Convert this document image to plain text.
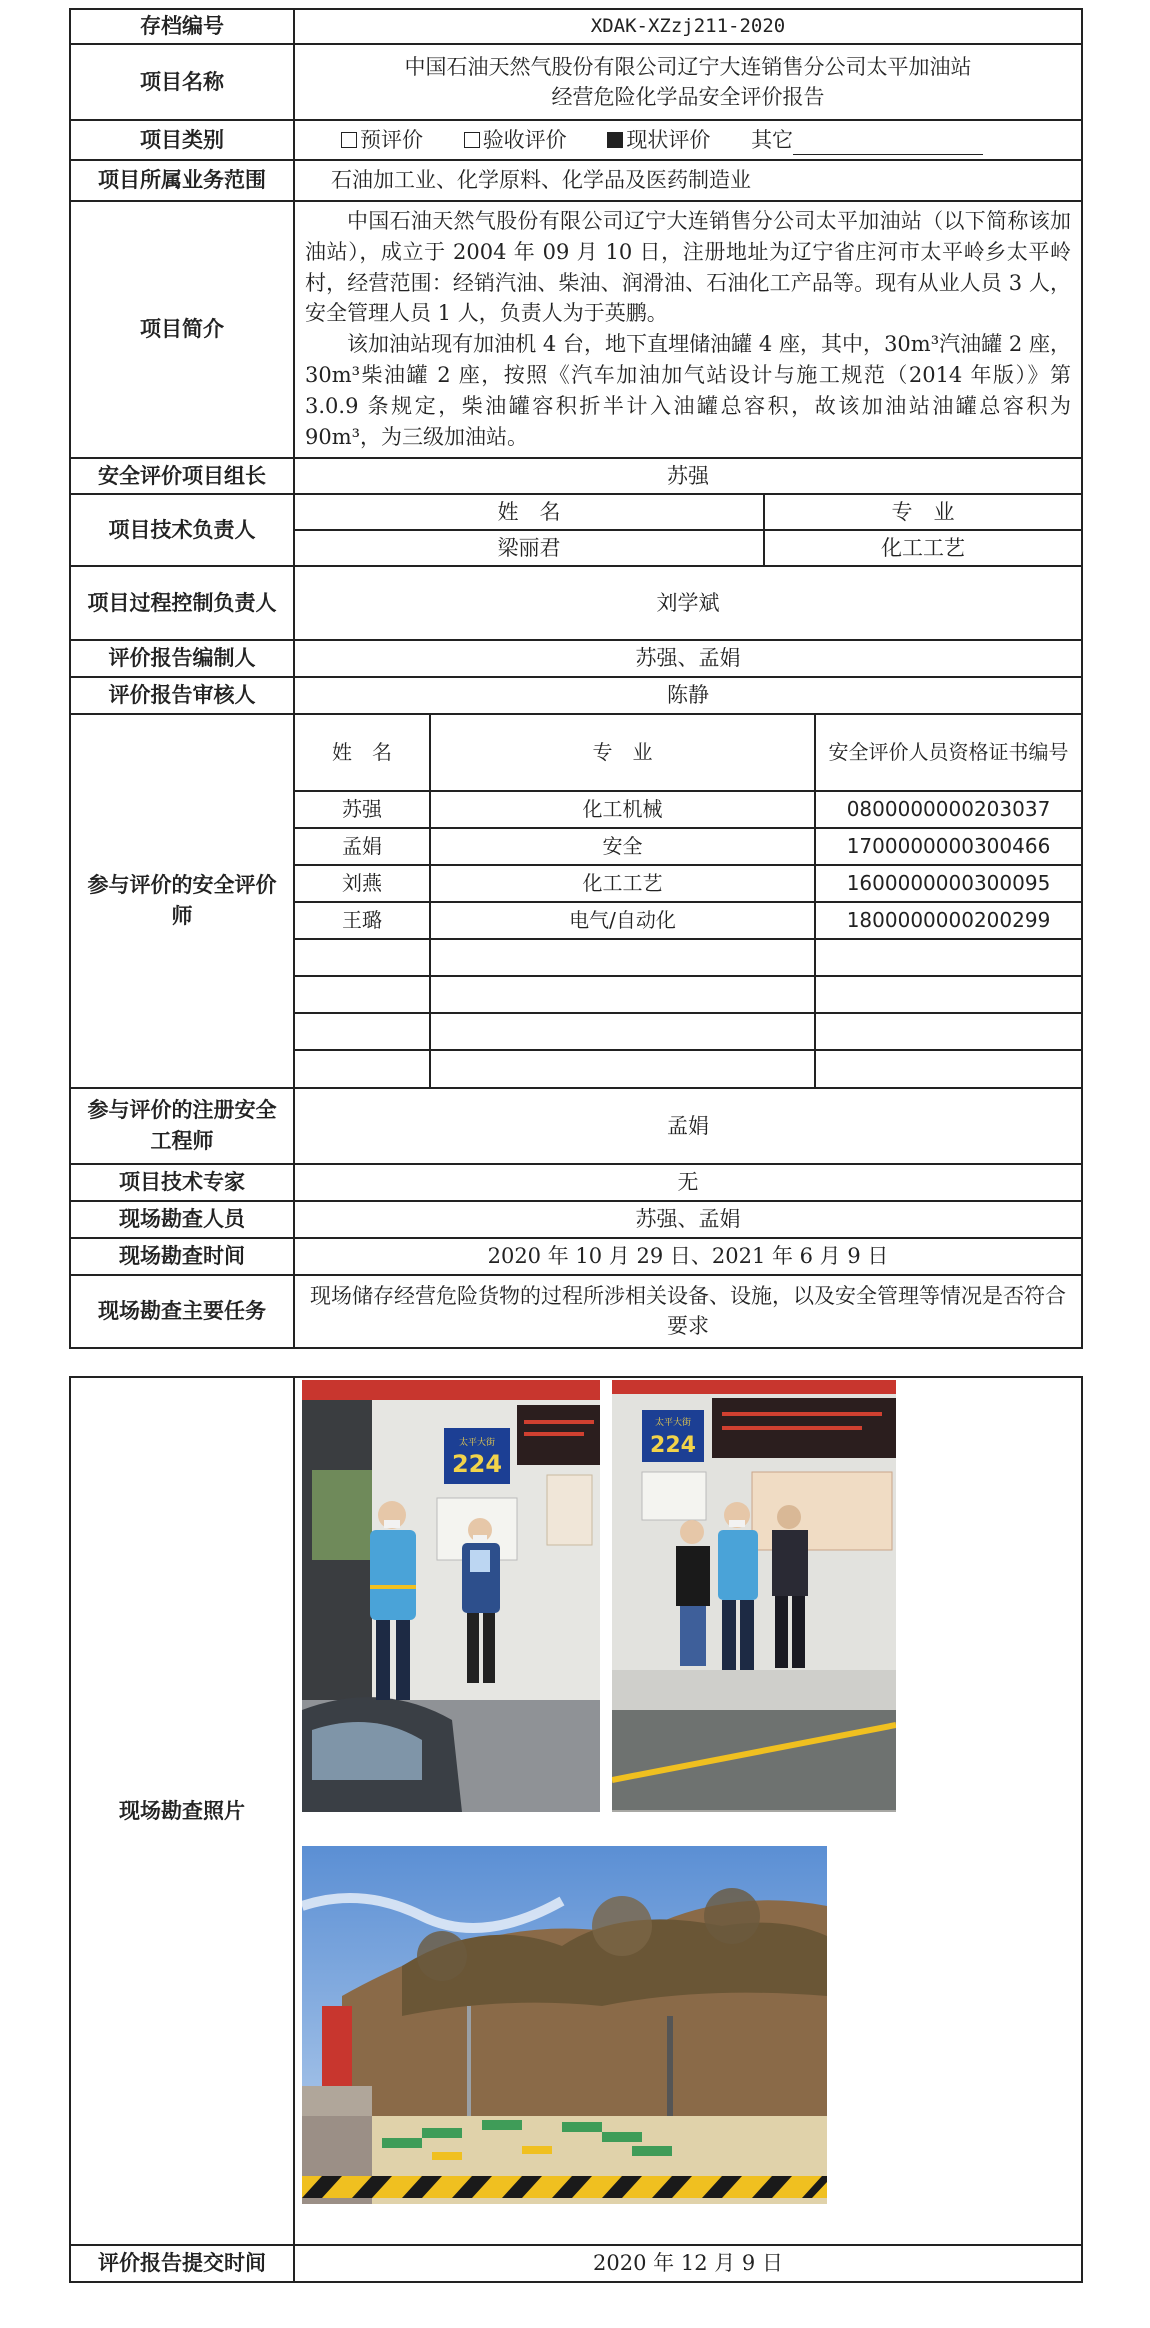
存档编号	XDAK-XZzj211-2020
项目名称	
中国石油天然气股份有限公司辽宁大连销售分公司太平加油站
经营危险化学品安全评价报告

项目类别	预评价	验收评价	现状评价 其它
项目所属业务范围	石油加工业、化学原料、化学品及医药制造业
项目简介	

中国石油天然气股份有限公司辽宁大连销售分公司太平加油站（以下简称该加油站），成立于 2004 年 09 月 10 日，注册地址为辽宁省庄河市太平岭乡太平岭村，经营范围：经销汽油、柴油、润滑油、石油化工产品等。现有从业人员 3 人，安全管理人员 1 人，负责人为于英鹏。

该加油站现有加油机 4 台，地下直埋储油罐 4 座，其中，30m³汽油罐 2 座，30m³柴油罐 2 座，按照《汽车加油加气站设计与施工规范（2014 年版）》第 3.0.9 条规定，柴油罐容积折半计入油罐总容积，故该加油站油罐总容积为 90m³，为三级加油站。

安全评价项目组长	苏强
项目技术负责人	姓　名	专　业
梁丽君	化工工艺
项目过程控制负责人	刘学斌
评价报告编制人	苏强、孟娟
评价报告审核人	陈静
参与评价的安全评价师	
姓　名	专　业	安全评价人员资格证书编号
苏强	化工机械	0800000000203037
孟娟	安全	1700000000300466
刘燕	化工工艺	1600000000300095
王璐	电气/自动化	1800000000200299

参与评价的注册安全工程师	孟娟
项目技术专家	无
现场勘查人员	苏强、孟娟
现场勘查时间	2020 年 10 月 29 日、2021 年 6 月 9 日
现场勘查主要任务	现场储存经营危险货物的过程所涉相关设备、设施，以及安全管理等情况是否符合要求
现场勘查照片	
评价报告提交时间	2020 年 12 月 9 日
太平大街
224
太平大街
224
